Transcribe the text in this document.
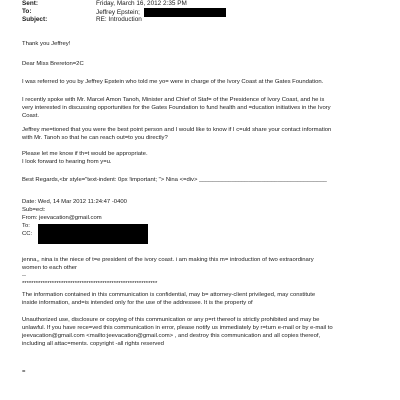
Sent:	Friday, March 16, 2012 2:35 PM
To:	Jeffrey Epstein;
Subject:	RE: Introduction
Thank you Jeffrey!
Dear Miss Brereton=2C
I was referred to you by Jeffrey Epstein who told me yo= were in charge of the Ivory Coast at the Gates Foundation.
I recently spoke with Mr. Marcel Amon Tanoh, Minister and Chief of Staf= of the Presidence of Ivory Coast, and he is
very interested in discussing opportunities for the Gates Foundation to fund health and =ducation initiatives in the Ivory
Coast.
Jeffrey me=tioned that you were the best point person and I would like to know if I c=uld share your contact information
with Mr. Tanoh so that he can reach out=to you directly?
Please let me know if th=t would be appropriate.
I look forward to hearing from y=u.
Best Regards,<br style="text-indent: 0px !important; "> Nina <=div> _______________________________________
Date: Wed, 14 Mar 2012 11:24:47 -0400
Sub=ect:
From: jeevacation@gmail.com
To:
CC:
jenna,, nina is the niece of t=e president of the ivory coast. i am making this m= introduction of two extraordinary
women to each other
--
***********************************************************
The information contained in this communication is confidential, may b= attorney-client privileged, may constitute
inside information, and=is intended only for the use of the addressee. It is the property of
Unauthorized use, disclosure or copying of this communication or any p=rt thereof is strictly prohibited and may be
unlawful. If you have rece=ved this communication in error, please notify us immediately by r=turn e-mail or by e-mail to
jeevacation@gmail.com <mailto:jeevacation@gmail.com> , and destroy this communication and all copies thereof,
including all attac=ments. copyright -all rights reserved
=
